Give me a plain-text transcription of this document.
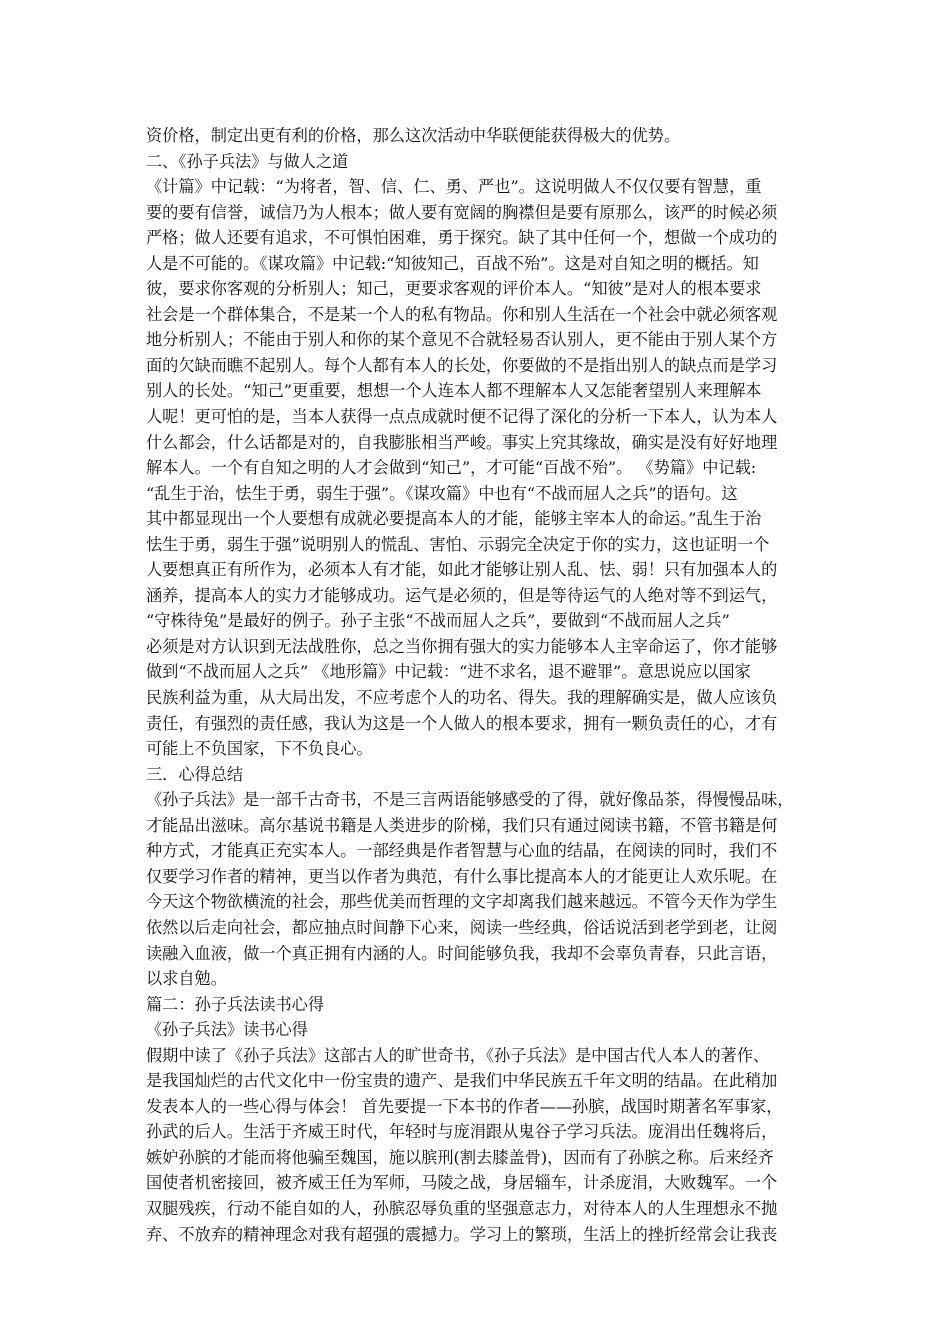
资价格，制定出更有利的价格，那么这次活动中华联便能获得极大的优势。
二、《孙子兵法》与做人之道
《计篇》中记载：“为将者，智、信、仁、勇、严也”。这说明做人不仅仅要有智慧，重
要的要有信誉，诚信乃为人根本；做人要有宽阔的胸襟但是要有原那么，该严的时候必须
严格；做人还要有追求，不可惧怕困难，勇于探究。缺了其中任何一个，想做一个成功的
人是不可能的。《谋攻篇》中记载:“知彼知己，百战不殆”。这是对自知之明的概括。知
彼，要求你客观的分析别人；知己，更要求客观的评价本人。“知彼”是对人的根本要求
社会是一个群体集合，不是某一个人的私有物品。你和别人生活在一个社会中就必须客观
地分析别人；不能由于别人和你的某个意见不合就轻易否认别人，更不能由于别人某个方
面的欠缺而瞧不起别人。每个人都有本人的长处，你要做的不是指出别人的缺点而是学习
别人的长处。“知己”更重要，想想一个人连本人都不理解本人又怎能奢望别人来理解本
人呢！更可怕的是，当本人获得一点点成就时便不记得了深化的分析一下本人，认为本人
什么都会，什么话都是对的，自我膨胀相当严峻。事实上究其缘故，确实是没有好好地理
解本人。一个有自知之明的人才会做到“知己”，才可能“百战不殆”。 《势篇》中记载:
“乱生于治，怯生于勇，弱生于强”。《谋攻篇》中也有“不战而屈人之兵”的语句。这
其中都显现出一个人要想有成就必要提高本人的才能，能够主宰本人的命运。”乱生于治
怯生于勇，弱生于强”说明别人的慌乱、害怕、示弱完全决定于你的实力，这也证明一个
人要想真正有所作为，必须本人有才能，如此才能够让别人乱、怯、弱！只有加强本人的
涵养，提高本人的实力才能够成功。运气是必须的，但是等待运气的人绝对等不到运气，
“守株待兔”是最好的例子。孙子主张“不战而屈人之兵”，要做到“不战而屈人之兵”
必须是对方认识到无法战胜你，总之当你拥有强大的实力能够本人主宰命运了，你才能够
做到“不战而屈人之兵” 《地形篇》中记载：“进不求名，退不避罪”。意思说应以国家
民族利益为重，从大局出发，不应考虑个人的功名、得失。我的理解确实是，做人应该负
责任，有强烈的责任感，我认为这是一个人做人的根本要求，拥有一颗负责任的心，才有
可能上不负国家，下不负良心。
三．心得总结
《孙子兵法》是一部千古奇书，不是三言两语能够感受的了得，就好像品茶，得慢慢品味，
才能品出滋味。高尔基说书籍是人类进步的阶梯，我们只有通过阅读书籍，不管书籍是何
种方式，才能真正充实本人。一部经典是作者智慧与心血的结晶，在阅读的同时，我们不
仅要学习作者的精神，更当以作者为典范，有什么事比提高本人的才能更让人欢乐呢。在
今天这个物欲横流的社会，那些优美而哲理的文字却离我们越来越远。不管今天作为学生
依然以后走向社会，都应抽点时间静下心来，阅读一些经典，俗话说活到老学到老，让阅
读融入血液，做一个真正拥有内涵的人。时间能够负我，我却不会辜负青春，只此言语，
以求自勉。
篇二：孙子兵法读书心得
《孙子兵法》读书心得
假期中读了《孙子兵法》这部古人的旷世奇书，《孙子兵法》是中国古代人本人的著作、
是我国灿烂的古代文化中一份宝贵的遗产、是我们中华民族五千年文明的结晶。在此稍加
发表本人的一些心得与体会！ 首先要提一下本书的作者——孙膑，战国时期著名军事家，
孙武的后人。生活于齐威王时代，年轻时与庞涓跟从鬼谷子学习兵法。庞涓出任魏将后，
嫉妒孙膑的才能而将他骗至魏国，施以膑刑(割去膝盖骨)，因而有了孙膑之称。后来经齐
国使者机密接回，被齐威王任为军师，马陵之战，身居辎车，计杀庞涓，大败魏军。一个
双腿残疾，行动不能自如的人，孙膑忍辱负重的坚强意志力，对待本人的人生理想永不抛
弃、不放弃的精神理念对我有超强的震撼力。学习上的繁琐，生活上的挫折经常会让我丧
